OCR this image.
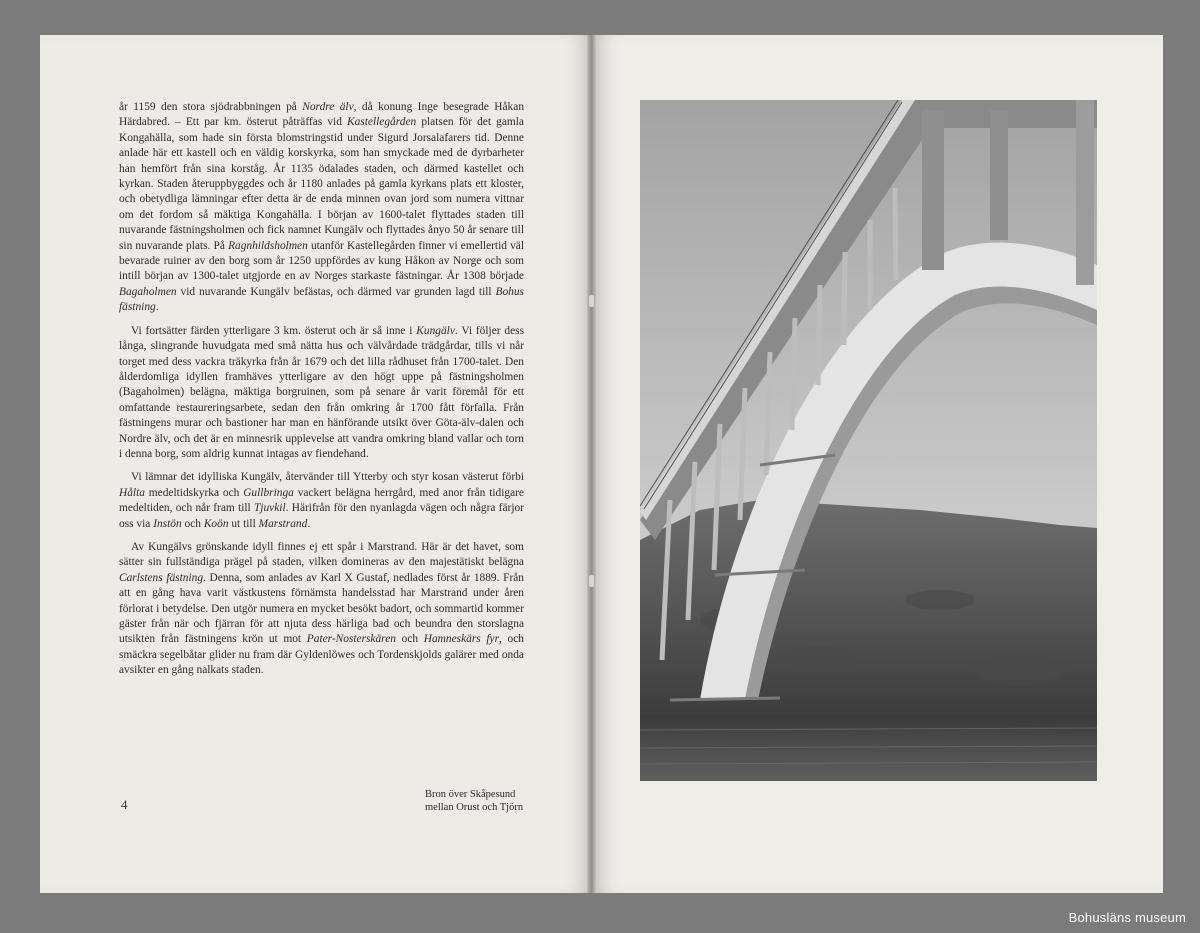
år 1159 den stora sjödrabbningen på Nordre älv, då konung Inge besegrade Håkan Härdabred. – Ett par km. österut påträffas vid Kastellegården platsen för det gamla Kongahälla, som hade sin första blomstringstid under Sigurd Jorsalafarers tid. Denne anlade här ett kastell och en väldig korskyrka, som han smyckade med de dyrbarheter han hemfört från sina korståg. År 1135 ödalades staden, och därmed kastellet och kyrkan. Staden återuppbyggdes och år 1180 anlades på gamla kyrkans plats ett kloster, och obetydliga lämningar efter detta är de enda minnen ovan jord som numera vittnar om det fordom så mäktiga Kongahälla. I början av 1600-talet flyttades staden till nuvarande fästningsholmen och fick namnet Kungälv och flyttades ånyo 50 år senare till sin nuvarande plats. På Ragnhildsholmen utanför Kastellegården finner vi emellertid väl bevarade ruiner av den borg som år 1250 uppfördes av kung Håkon av Norge och som intill början av 1300-talet utgjorde en av Norges starkaste fästningar. År 1308 började Bagaholmen vid nuvarande Kungälv befästas, och därmed var grunden lagd till Bohus fästning.

Vi fortsätter färden ytterligare 3 km. österut och är så inne i Kungälv. Vi följer dess långa, slingrande huvudgata med små nätta hus och välvårdade trädgårdar, tills vi når torget med dess vackra träkyrka från år 1679 och det lilla rådhuset från 1700-talet. Den ålderdomliga idyllen framhäves ytterligare av den högt uppe på fästningsholmen (Bagaholmen) belägna, mäktiga borgruinen, som på senare år varit föremål för ett omfattande restaureringsarbete, sedan den från omkring år 1700 fått förfalla. Från fästningens murar och bastioner har man en hänförande utsikt över Göta-älv-dalen och Nordre älv, och det är en minnesrik upplevelse att vandra omkring bland vallar och torn i denna borg, som aldrig kunnat intagas av fiendehand.

Vi lämnar det idylliska Kungälv, återvänder till Ytterby och styr kosan västerut förbi Hålta medeltidskyrka och Gullbringa vackert belägna herrgård, med anor från tidigare medeltiden, och når fram till Tjuvkil. Härifrån för den nyanlagda vägen och några färjor oss via Instön och Koön ut till Marstrand.

Av Kungälvs grönskande idyll finnes ej ett spår i Marstrand. Här är det havet, som sätter sin fullständiga prägel på staden, vilken domineras av den majestätiskt belägna Carlstens fästning. Denna, som anlades av Karl X Gustaf, nedlades först år 1889. Från att en gång hava varit västkustens förnämsta handelsstad har Marstrand under åren förlorat i betydelse. Den utgör numera en mycket besökt badort, och sommartid kommer gäster från när och fjärran för att njuta dess härliga bad och beundra den storslagna utsikten från fästningens krön ut mot Pater-Nosterskären och Hamneskärs fyr, och smäckra segelbåtar glider nu fram där Gyldenlöwes och Tordenskjolds galärer med onda avsikter en gång nalkats staden.

4
Bron över Skåpesund
mellan Orust och Tjörn
Bohusläns museum
